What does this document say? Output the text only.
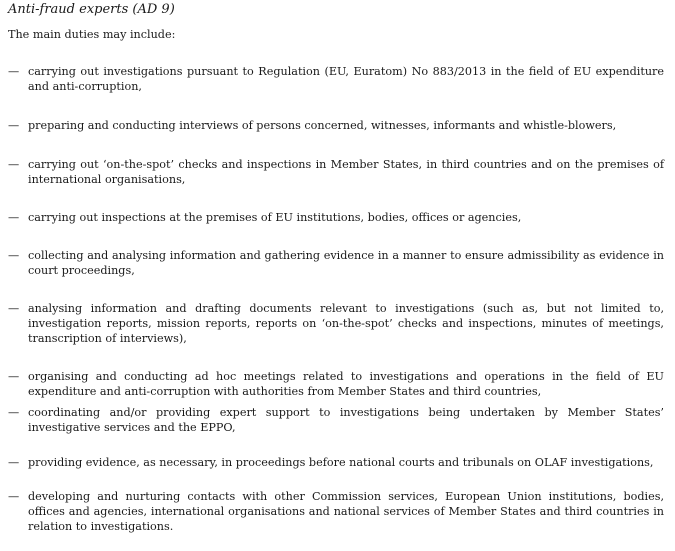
Anti-fraud experts (AD 9)

The main duties may include:

— carrying out investigations pursuant to Regulation (EU, Euratom) No 883/2013 in the field of EU expenditure and anti-corruption,
— preparing and conducting interviews of persons concerned, witnesses, informants and whistle-blowers,
— carrying out ‘on-the-spot’ checks and inspections in Member States, in third countries and on the premises of international organisations,
— carrying out inspections at the premises of EU institutions, bodies, offices or agencies,
— collecting and analysing information and gathering evidence in a manner to ensure admissibility as evidence in court proceedings,
— analysing information and drafting documents relevant to investigations (such as, but not limited to, investigation reports, mission reports, reports on ‘on-the-spot’ checks and inspections, minutes of meetings, transcription of interviews),
— organising and conducting ad hoc meetings related to investigations and operations in the field of EU expenditure and anti-corruption with authorities from Member States and third countries,
— coordinating and/or providing expert support to investigations being undertaken by Member States’ investigative services and the EPPO,
— providing evidence, as necessary, in proceedings before national courts and tribunals on OLAF investigations,
— developing and nurturing contacts with other Commission services, European Union institutions, bodies, offices and agencies, international organisations and national services of Member States and third countries in relation to investigations.
